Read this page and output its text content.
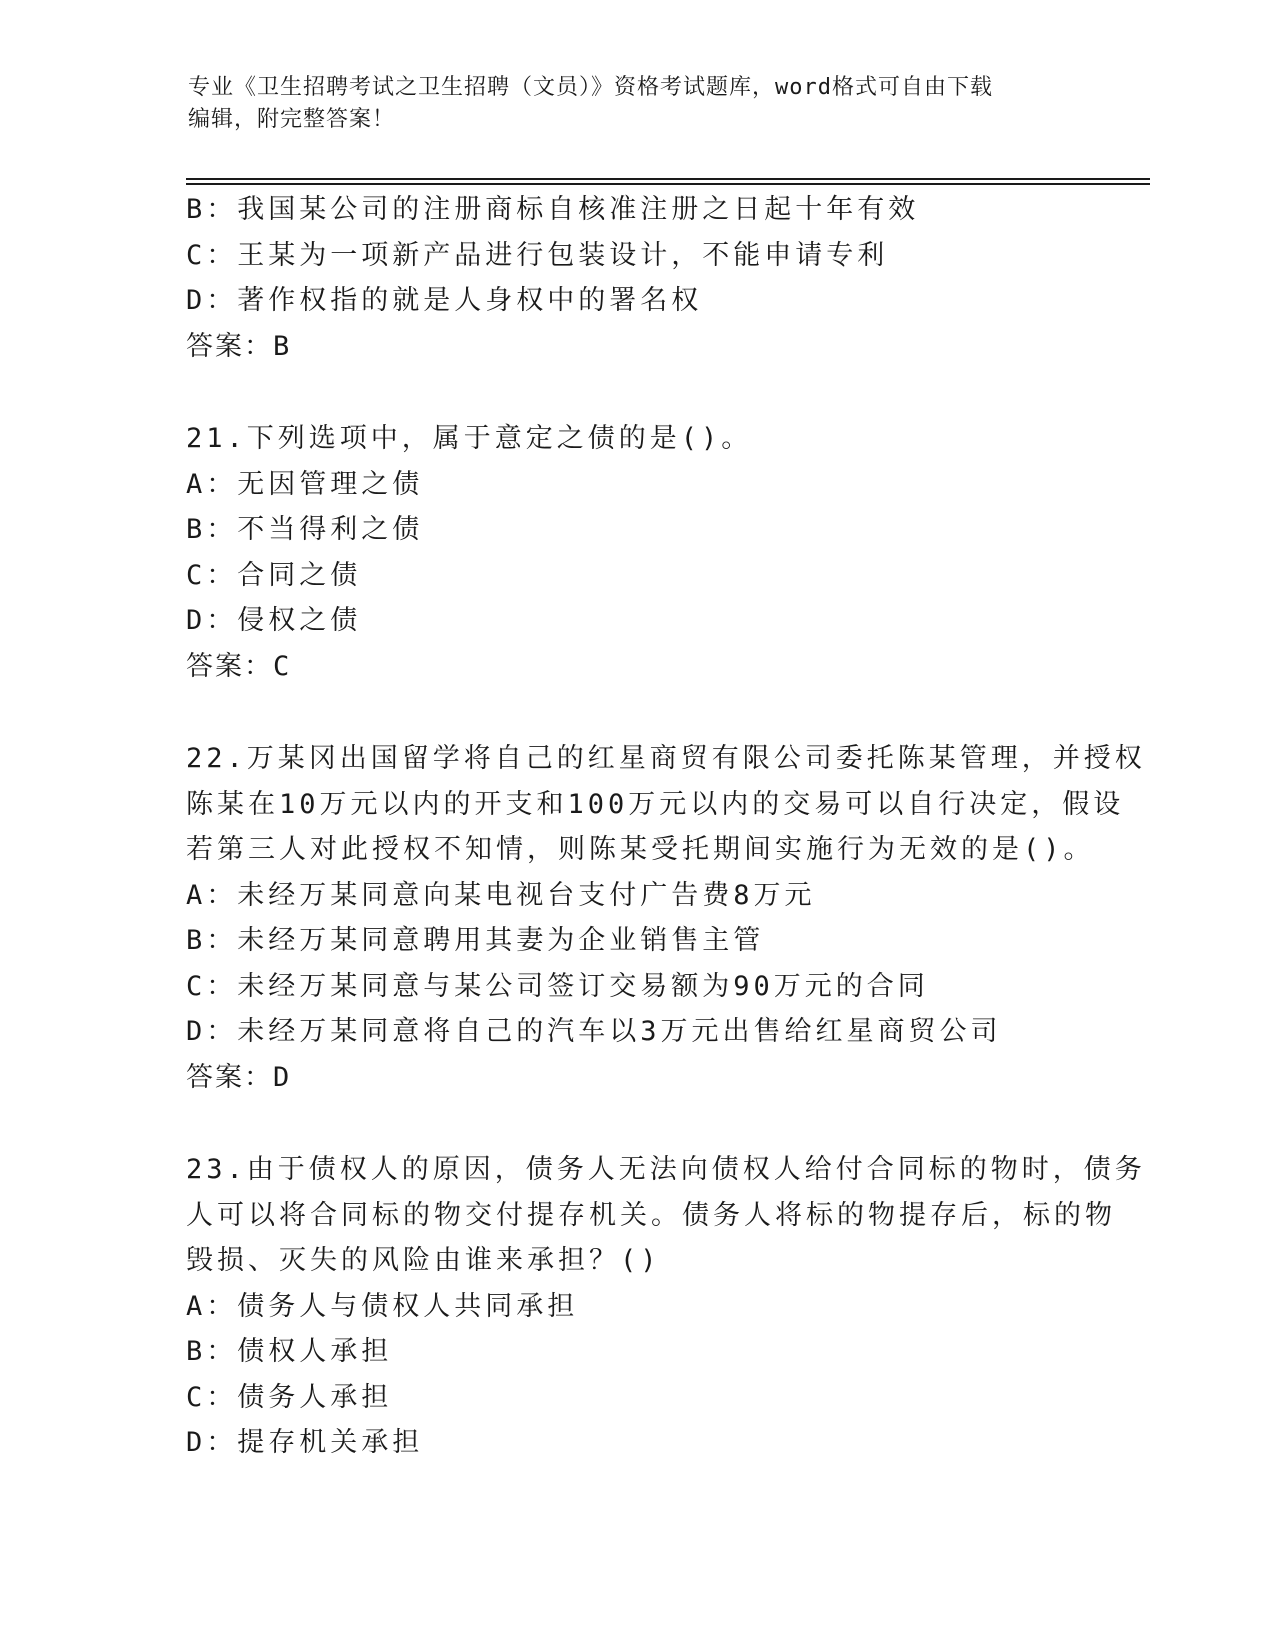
专业《卫生招聘考试之卫生招聘（文员）》资格考试题库，word格式可自由下载
编辑，附完整答案！
B：我国某公司的注册商标自核准注册之日起十年有效
C：王某为一项新产品进行包装设计，不能申请专利
D：著作权指的就是人身权中的署名权
答案：B
21.下列选项中，属于意定之债的是()。
A：无因管理之债
B：不当得利之债
C：合同之债
D：侵权之债
答案：C
22.万某冈出国留学将自己的红星商贸有限公司委托陈某管理，并授权
陈某在10万元以内的开支和100万元以内的交易可以自行决定，假设
若第三人对此授权不知情，则陈某受托期间实施行为无效的是()。
A：未经万某同意向某电视台支付广告费8万元
B：未经万某同意聘用其妻为企业销售主管
C：未经万某同意与某公司签订交易额为90万元的合同
D：未经万某同意将自己的汽车以3万元出售给红星商贸公司
答案：D
23.由于债权人的原因，债务人无法向债权人给付合同标的物时，债务
人可以将合同标的物交付提存机关。债务人将标的物提存后，标的物
毁损、灭失的风险由谁来承担？()
A：债务人与债权人共同承担
B：债权人承担
C：债务人承担
D：提存机关承担
